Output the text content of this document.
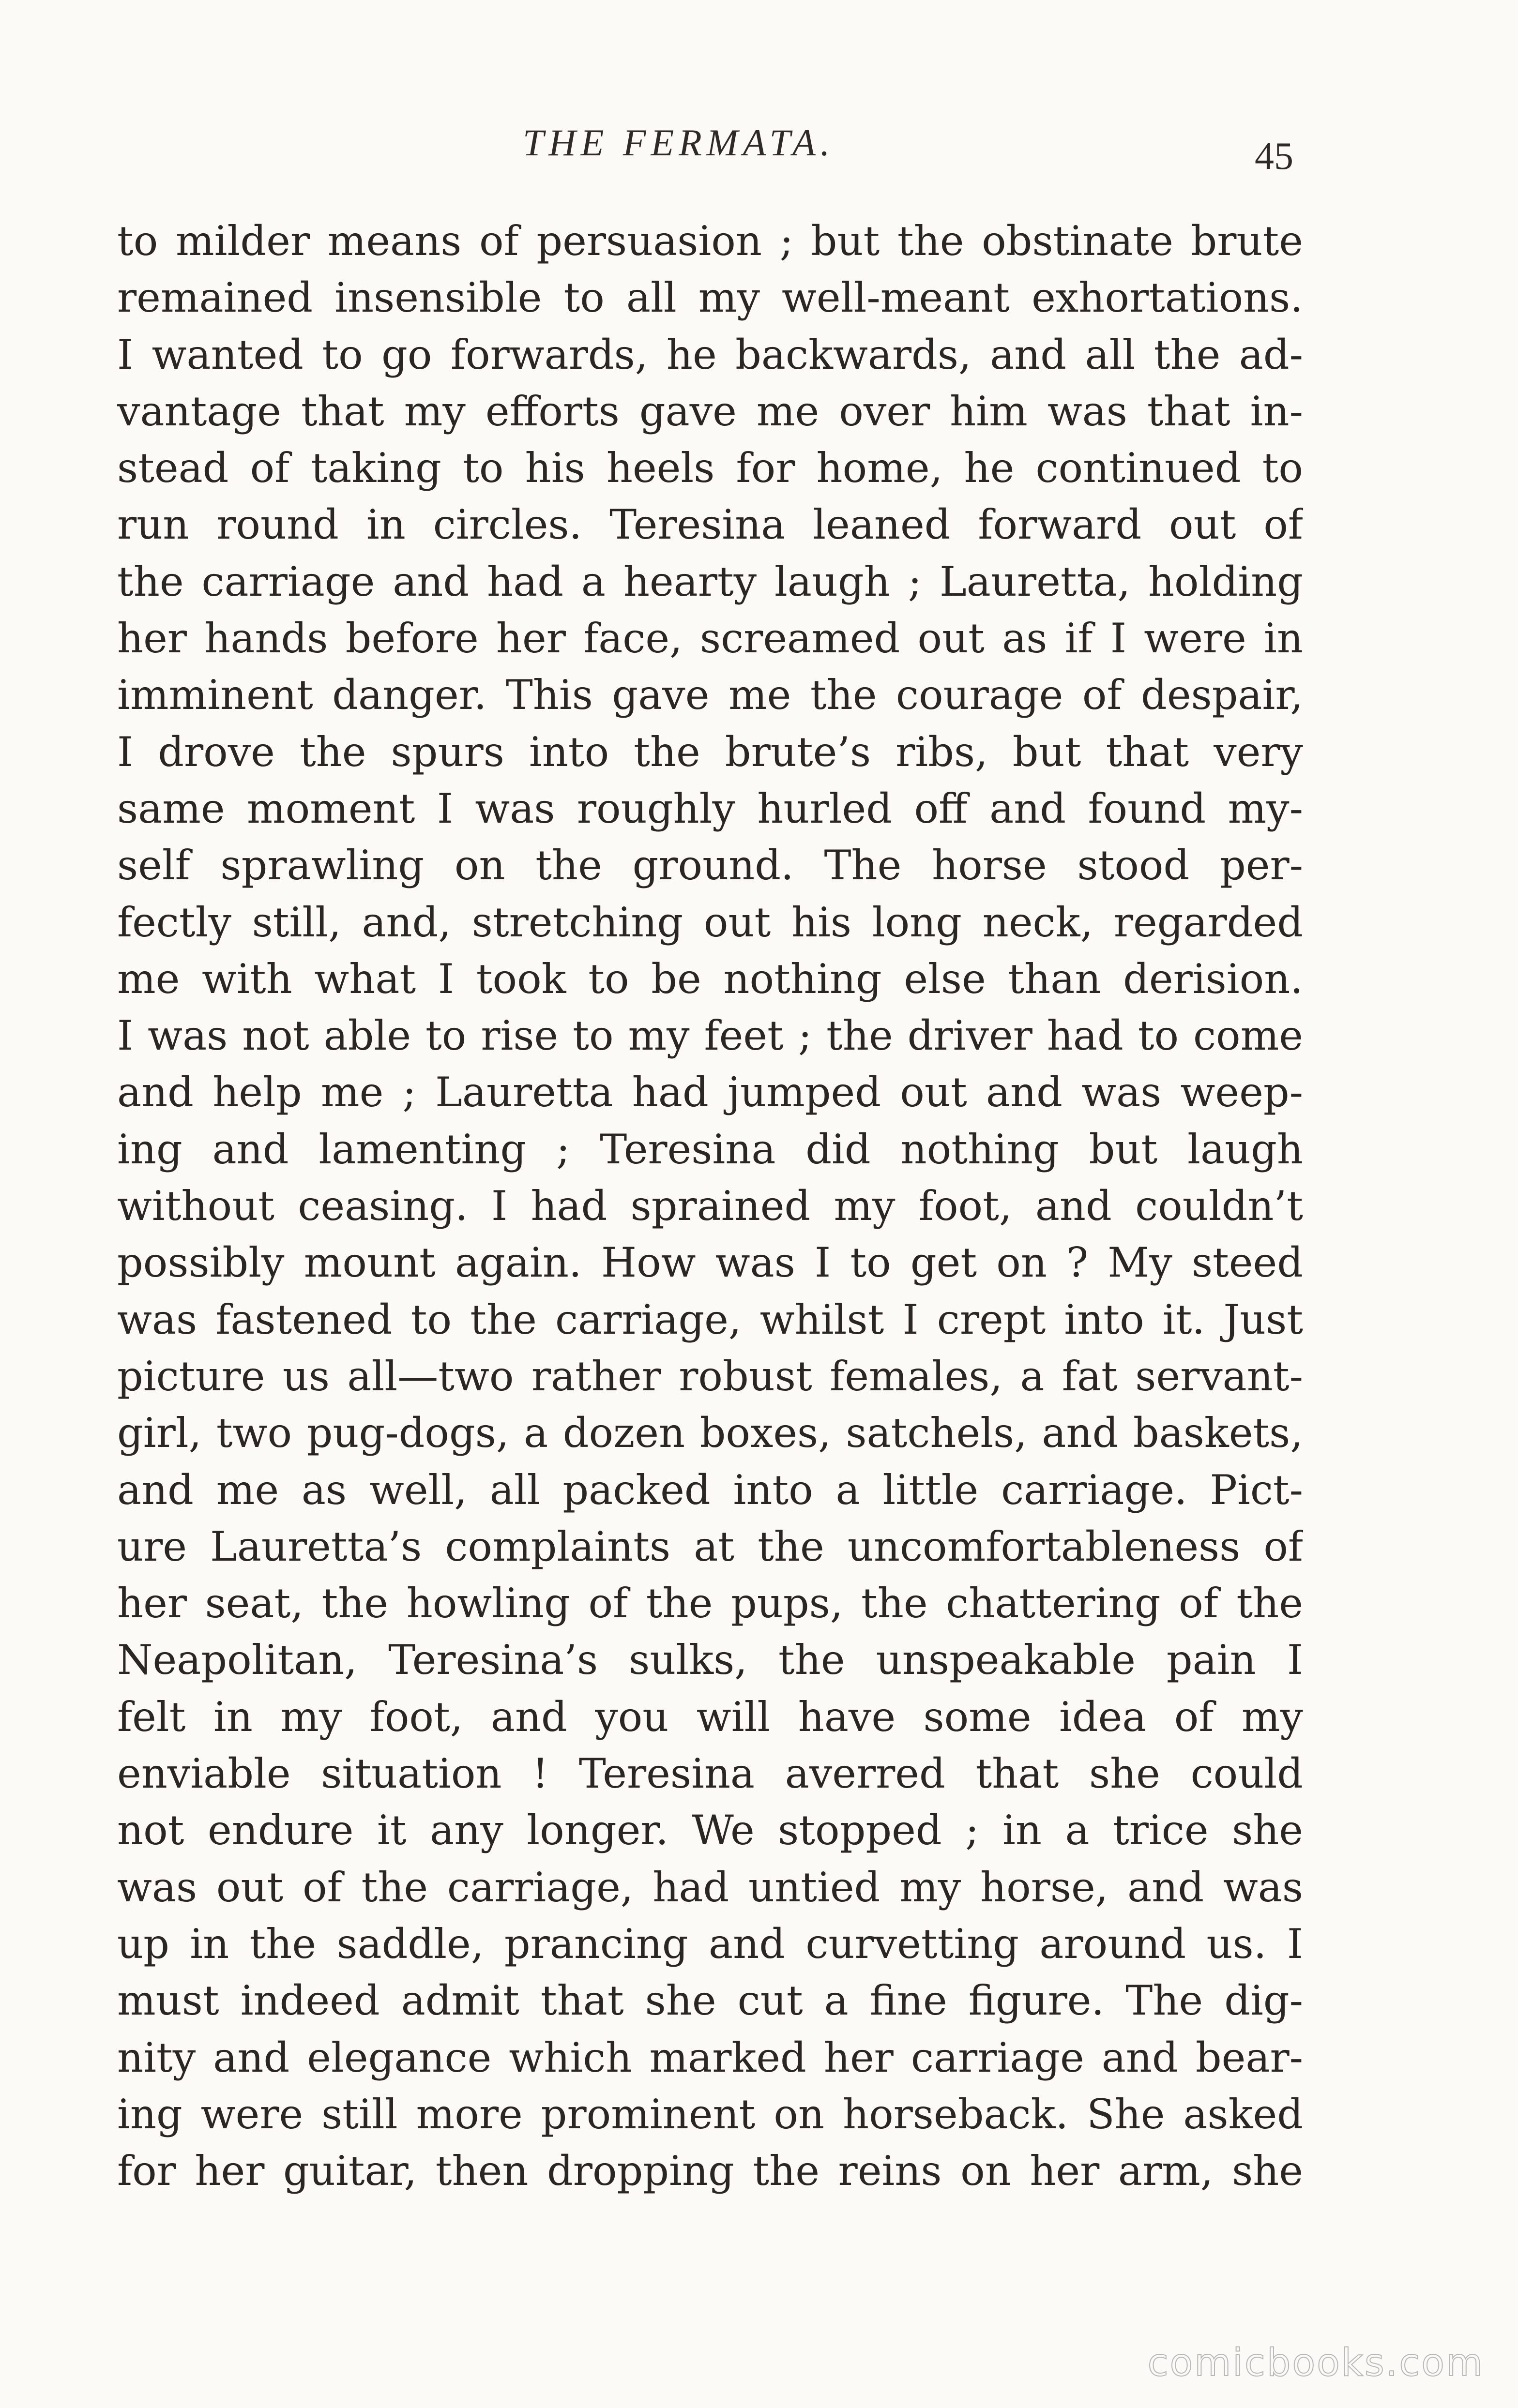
THE FERMATA.	45
to milder means of persuasion ; but the obstinate brute
remained insensible to all my well-meant exhortations.
I wanted to go forwards, he backwards, and all the ad-
vantage that my efforts gave me over him was that in-
stead of taking to his heels for home, he continued to
run round in circles. Teresina leaned forward out of
the carriage and had a hearty laugh ; Lauretta, holding
her hands before her face, screamed out as if I were in
imminent danger. This gave me the courage of despair,
I drove the spurs into the brute’s ribs, but that very
same moment I was roughly hurled off and found my-
self sprawling on the ground. The horse stood per-
fectly still, and, stretching out his long neck, regarded
me with what I took to be nothing else than derision.
I was not able to rise to my feet ; the driver had to come
and help me ; Lauretta had jumped out and was weep-
ing and lamenting ; Teresina did nothing but laugh
without ceasing. I had sprained my foot, and couldn’t
possibly mount again. How was I to get on ? My steed
was fastened to the carriage, whilst I crept into it. Just
picture us all—two rather robust females, a fat servant-
girl, two pug-dogs, a dozen boxes, satchels, and baskets,
and me as well, all packed into a little carriage. Pict-
ure Lauretta’s complaints at the uncomfortableness of
her seat, the howling of the pups, the chattering of the
Neapolitan, Teresina’s sulks, the unspeakable pain I
felt in my foot, and you will have some idea of my
enviable situation ! Teresina averred that she could
not endure it any longer. We stopped ; in a trice she
was out of the carriage, had untied my horse, and was
up in the saddle, prancing and curvetting around us. I
must indeed admit that she cut a fine figure. The dig-
nity and elegance which marked her carriage and bear-
ing were still more prominent on horseback. She asked
for her guitar, then dropping the reins on her arm, she
comicbooks.com
